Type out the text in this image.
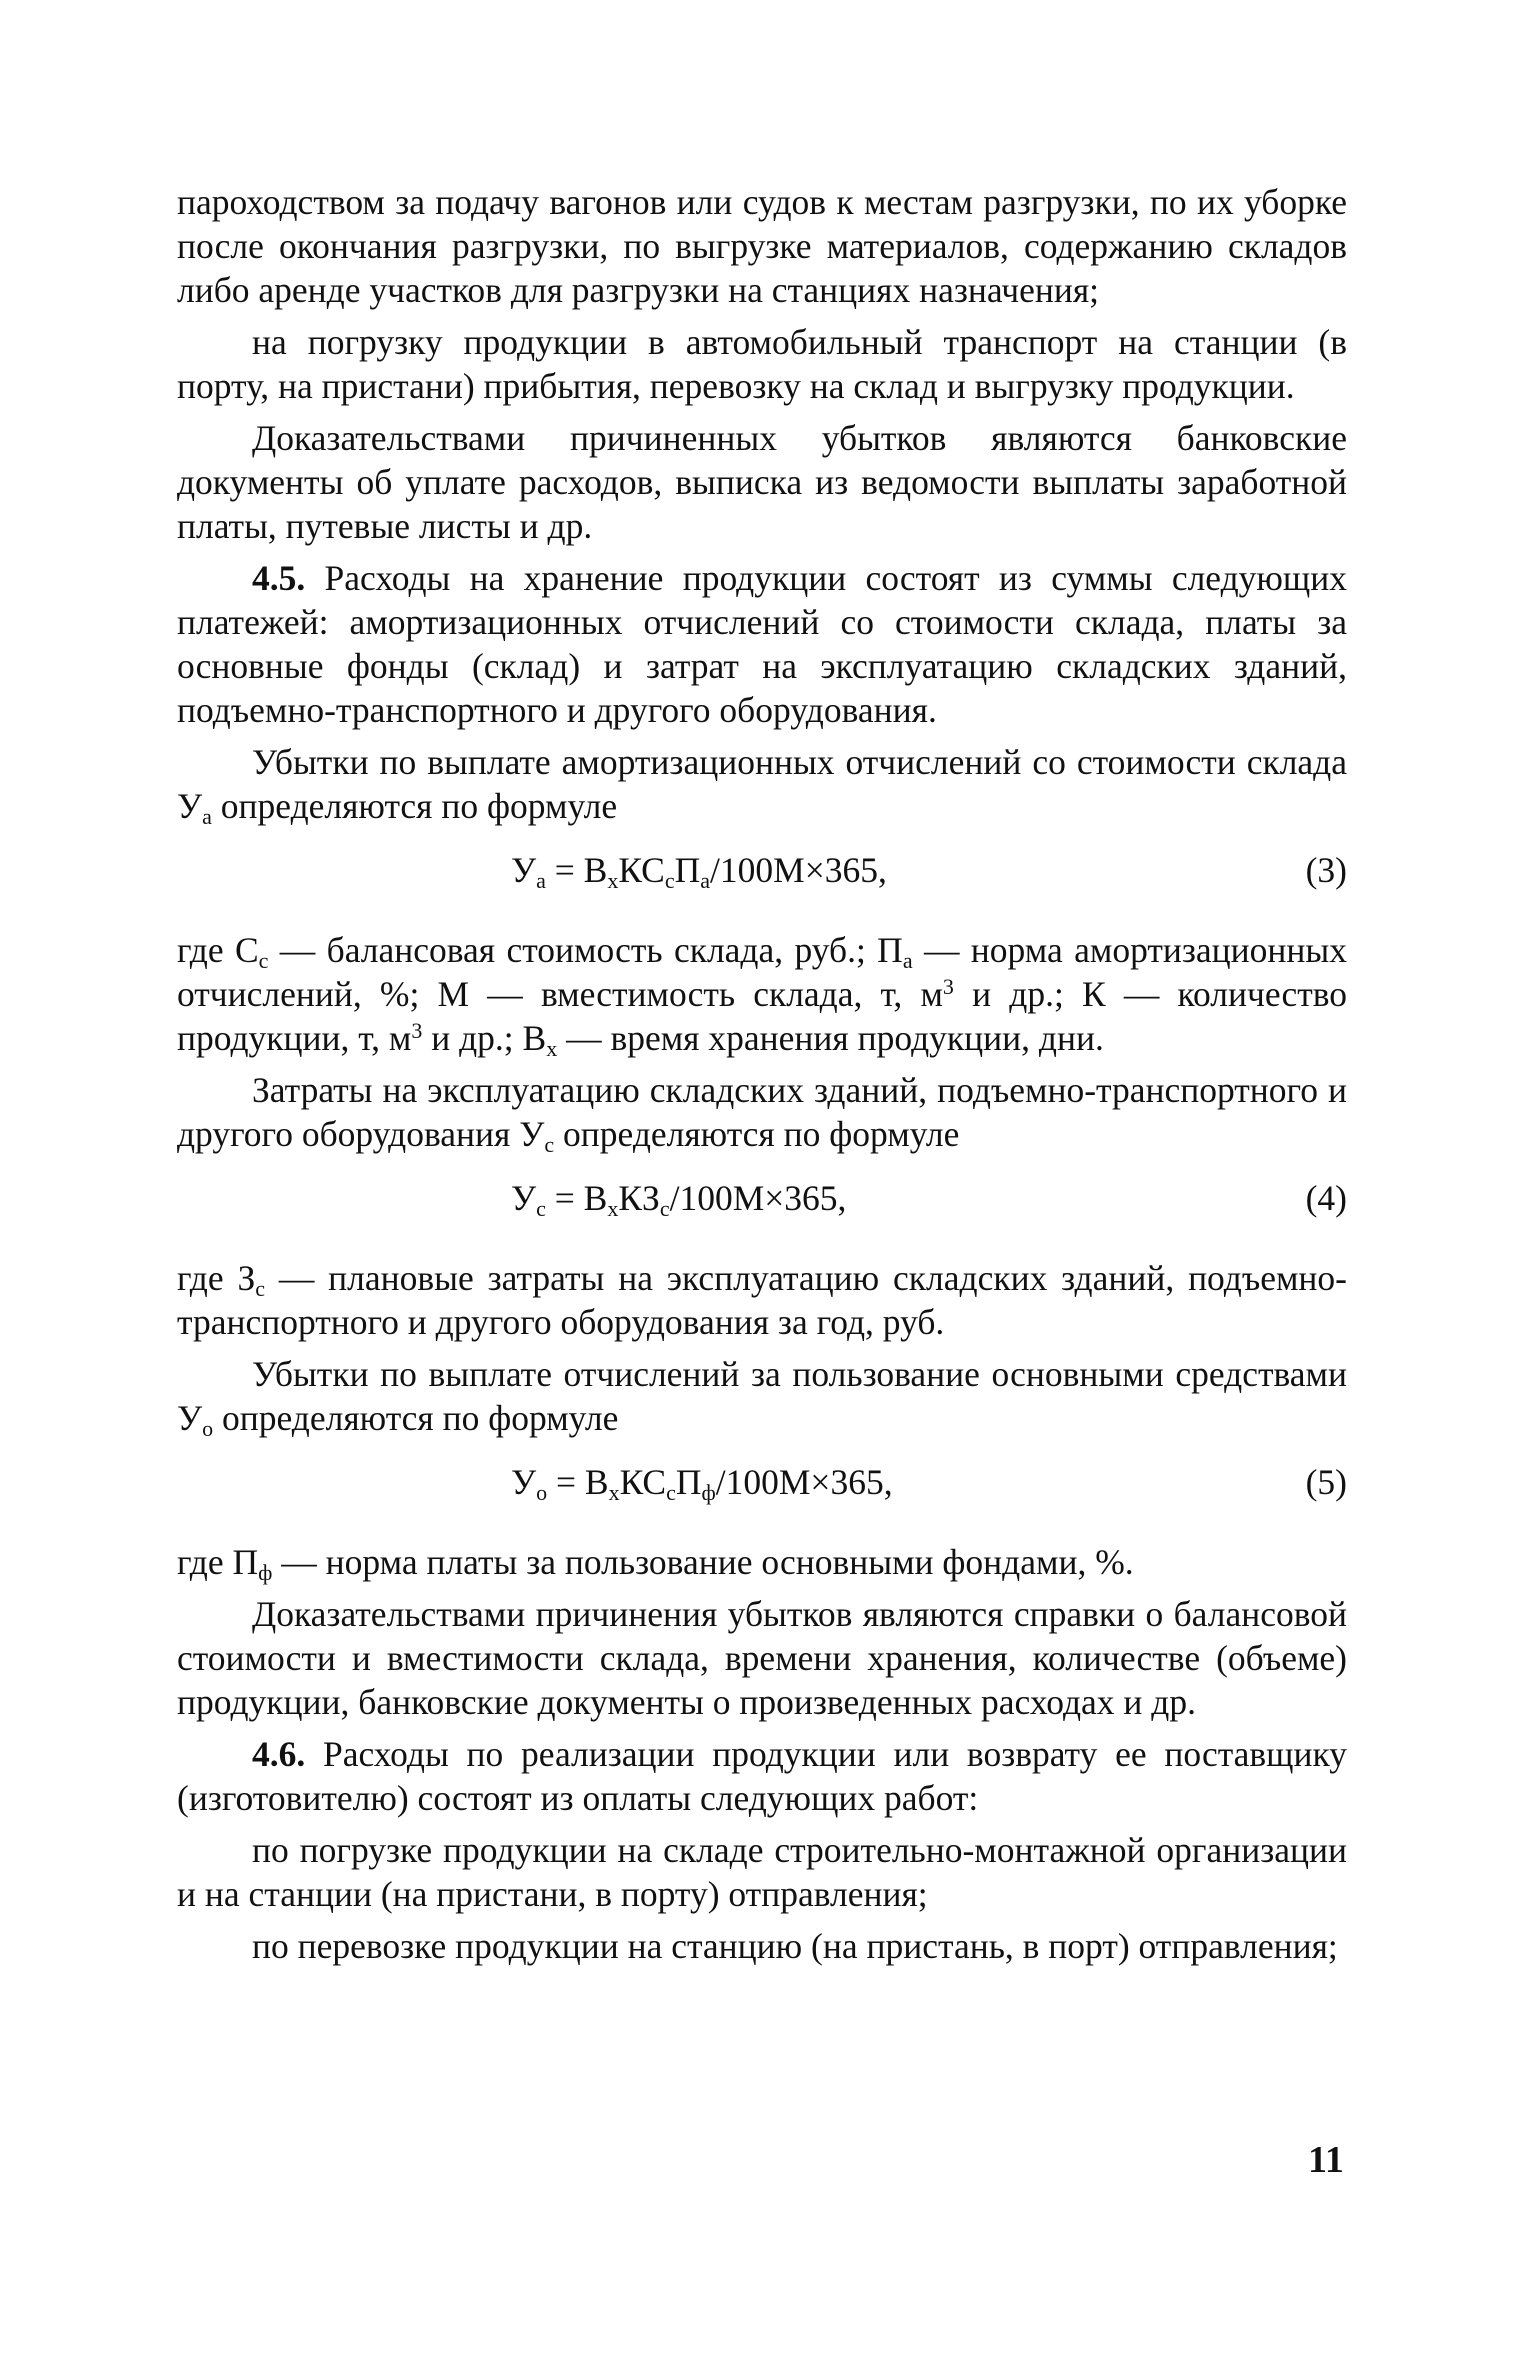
пароходством за подачу вагонов или судов к местам разгрузки, по их уборке после окончания разгрузки, по выгрузке материалов, содержанию складов либо аренде участков для разгрузки на станциях назначения;

на погрузку продукции в автомобильный транспорт на станции (в порту, на пристани) прибытия, перевозку на склад и выгрузку продукции.

Доказательствами причиненных убытков являются банковские документы об уплате расходов, выписка из ведомости выплаты заработной платы, путевые листы и др.

4.5. Расходы на хранение продукции состоят из суммы следующих платежей: амортизационных отчислений со стоимости склада, платы за основные фонды (склад) и затрат на эксплуатацию складских зданий, подъемно-транспортного и другого оборудования.

Убытки по выплате амортизационных отчислений со стоимости склада $У_а$ определяются по формуле

$У_а = В_хКС_сП_а/100М\times 365$,	(3)

где $С_с$ — балансовая стоимость склада, руб.; $П_а$ — норма амортизационных отчислений, %; М — вместимость склада, т, $м^3$ и др.; К — количество продукции, т, $м^3$ и др.; $В_х$ — время хранения продукции, дни.

Затраты на эксплуатацию складских зданий, подъемно-транспортного и другого оборудования $У_с$ определяются по формуле

$У_с = В_хКЗ_с/100М\times 365$,	(4)

где $З_с$ — плановые затраты на эксплуатацию складских зданий, подъемно-транспортного и другого оборудования за год, руб.

Убытки по выплате отчислений за пользование основными средствами $У_о$ определяются по формуле

$У_о = В_хКС_сП_ф/100М\times 365$,	(5)

где $П_ф$ — норма платы за пользование основными фондами, %.

Доказательствами причинения убытков являются справки о балансовой стоимости и вместимости склада, времени хранения, количестве (объеме) продукции, банковские документы о произведенных расходах и др.

4.6. Расходы по реализации продукции или возврату ее поставщику (изготовителю) состоят из оплаты следующих работ:

по погрузке продукции на складе строительно-монтажной организации и на станции (на пристани, в порту) отправления;

по перевозке продукции на станцию (на пристань, в порт) отправления;

11
